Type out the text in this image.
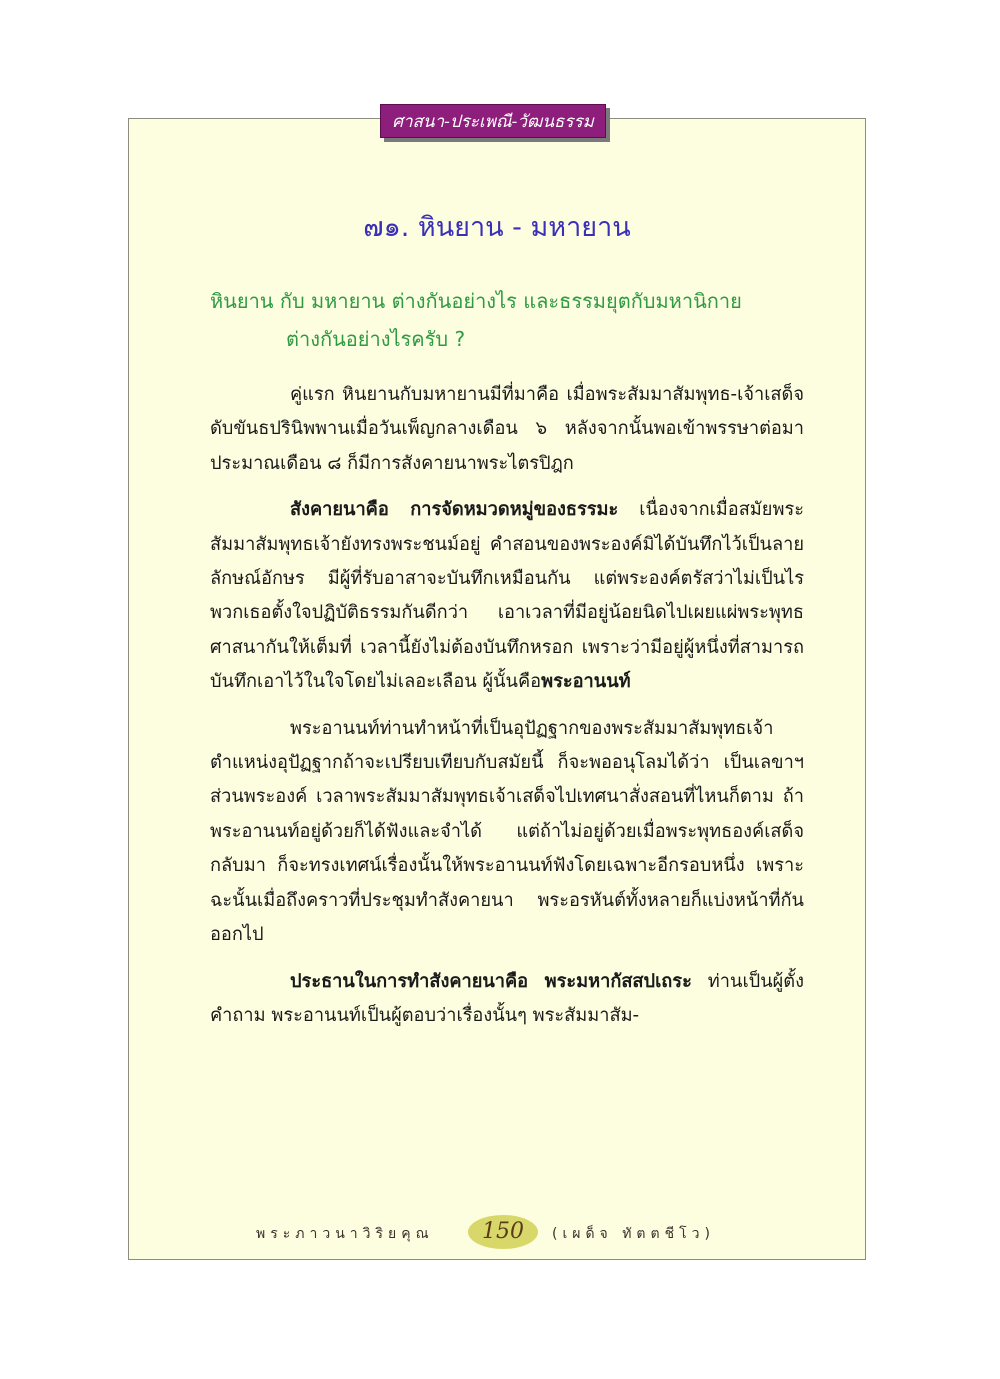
ศาสนา-ประเพณี-วัฒนธรรม
๗๑. หินยาน - มหายาน
หินยาน กับ มหายาน ต่างกันอย่างไร และธรรมยุตกับมหานิกาย
ต่างกันอย่างไรครับ ?

คู่แรก หินยานกับมหายานมีที่มาคือ เมื่อพระสัมมาสัมพุทธ-เจ้าเสด็จดับขันธปรินิพพานเมื่อวันเพ็ญกลางเดือน ๖ หลังจากนั้นพอเข้าพรรษาต่อมาประมาณเดือน ๘ ก็มีการสังคายนาพระไตรปิฎก

สังคายนาคือ การจัดหมวดหมู่ของธรรมะ เนื่องจากเมื่อสมัยพระสัมมาสัมพุทธเจ้ายังทรงพระชนม์อยู่ คำสอนของพระองค์มิได้บันทึกไว้เป็นลายลักษณ์อักษร มีผู้ที่รับอาสาจะบันทึกเหมือนกัน แต่พระองค์ตรัสว่าไม่เป็นไร พวกเธอตั้งใจปฏิบัติธรรมกันดีกว่า เอาเวลาที่มีอยู่น้อยนิดไปเผยแผ่พระพุทธศาสนากันให้เต็มที่ เวลานี้ยังไม่ต้องบันทึกหรอก เพราะว่ามีอยู่ผู้หนึ่งที่สามารถบันทึกเอาไว้ในใจโดยไม่เลอะเลือน ผู้นั้นคือพระอานนท์

พระอานนท์ท่านทำหน้าที่เป็นอุปัฏฐากของพระสัมมาสัมพุทธเจ้า ตำแหน่งอุปัฏฐากถ้าจะเปรียบเทียบกับสมัยนี้ ก็จะพออนุโลมได้ว่า เป็นเลขาฯ ส่วนพระองค์ เวลาพระสัมมาสัมพุทธเจ้าเสด็จไปเทศนาสั่งสอนที่ไหนก็ตาม ถ้าพระอานนท์อยู่ด้วยก็ได้ฟังและจำได้ แต่ถ้าไม่อยู่ด้วยเมื่อพระพุทธองค์เสด็จกลับมา ก็จะทรงเทศน์เรื่องนั้นให้พระอานนท์ฟังโดยเฉพาะอีกรอบหนึ่ง เพราะฉะนั้นเมื่อถึงคราวที่ประชุมทำสังคายนา พระอรหันต์ทั้งหลายก็แบ่งหน้าที่กันออกไป

ประธานในการทำสังคายนาคือ พระมหากัสสปเถระ ท่านเป็นผู้ตั้งคำถาม พระอานนท์เป็นผู้ตอบว่าเรื่องนั้นๆ พระสัมมาสัม-

พระภาวนาวิริยคุณ	150	(เผด็จ ทัตตชีโว)
